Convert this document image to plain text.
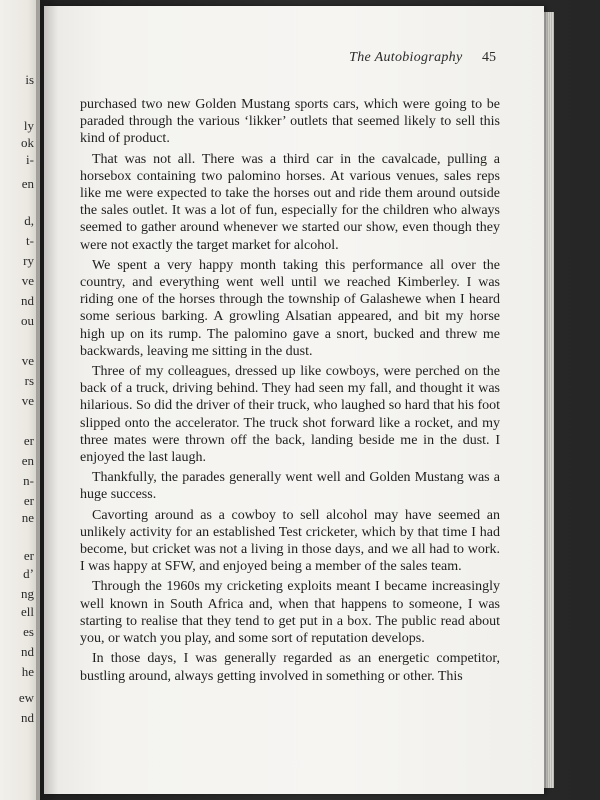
is
ly
ok
i-
en
d,
t-
ry
ve
nd
ou
ve
rs
ve
er
en
n-
er
ne
er
d’
ng
ell
es
nd
he
ew
nd
The Autobiography 45

purchased two new Golden Mustang sports cars, which were going to be paraded through the various ‘likker’ outlets that seemed likely to sell this kind of product.

That was not all. There was a third car in the cavalcade, pulling a horsebox containing two palomino horses. At various venues, sales reps like me were expected to take the horses out and ride them around outside the sales outlet. It was a lot of fun, especially for the children who always seemed to gather around whenever we started our show, even though they were not exactly the target market for alcohol.

We spent a very happy month taking this performance all over the country, and everything went well until we reached Kimberley. I was riding one of the horses through the township of Galashewe when I heard some serious barking. A growling Alsatian appeared, and bit my horse high up on its rump. The palomino gave a snort, bucked and threw me backwards, leaving me sitting in the dust.

Three of my colleagues, dressed up like cowboys, were perched on the back of a truck, driving behind. They had seen my fall, and thought it was hilarious. So did the driver of their truck, who laughed so hard that his foot slipped onto the accelerator. The truck shot forward like a rocket, and my three mates were thrown off the back, landing beside me in the dust. I enjoyed the last laugh.

Thankfully, the parades generally went well and Golden Mustang was a huge success.

Cavorting around as a cowboy to sell alcohol may have seemed an unlikely activity for an established Test cricketer, which by that time I had become, but cricket was not a living in those days, and we all had to work. I was happy at SFW, and enjoyed being a member of the sales team.

Through the 1960s my cricketing exploits meant I became increasingly well known in South Africa and, when that happens to someone, I was starting to realise that they tend to get put in a box. The public read about you, or watch you play, and some sort of reputation develops.

In those days, I was generally regarded as an energetic competitor, bustling around, always getting involved in something or other. This
